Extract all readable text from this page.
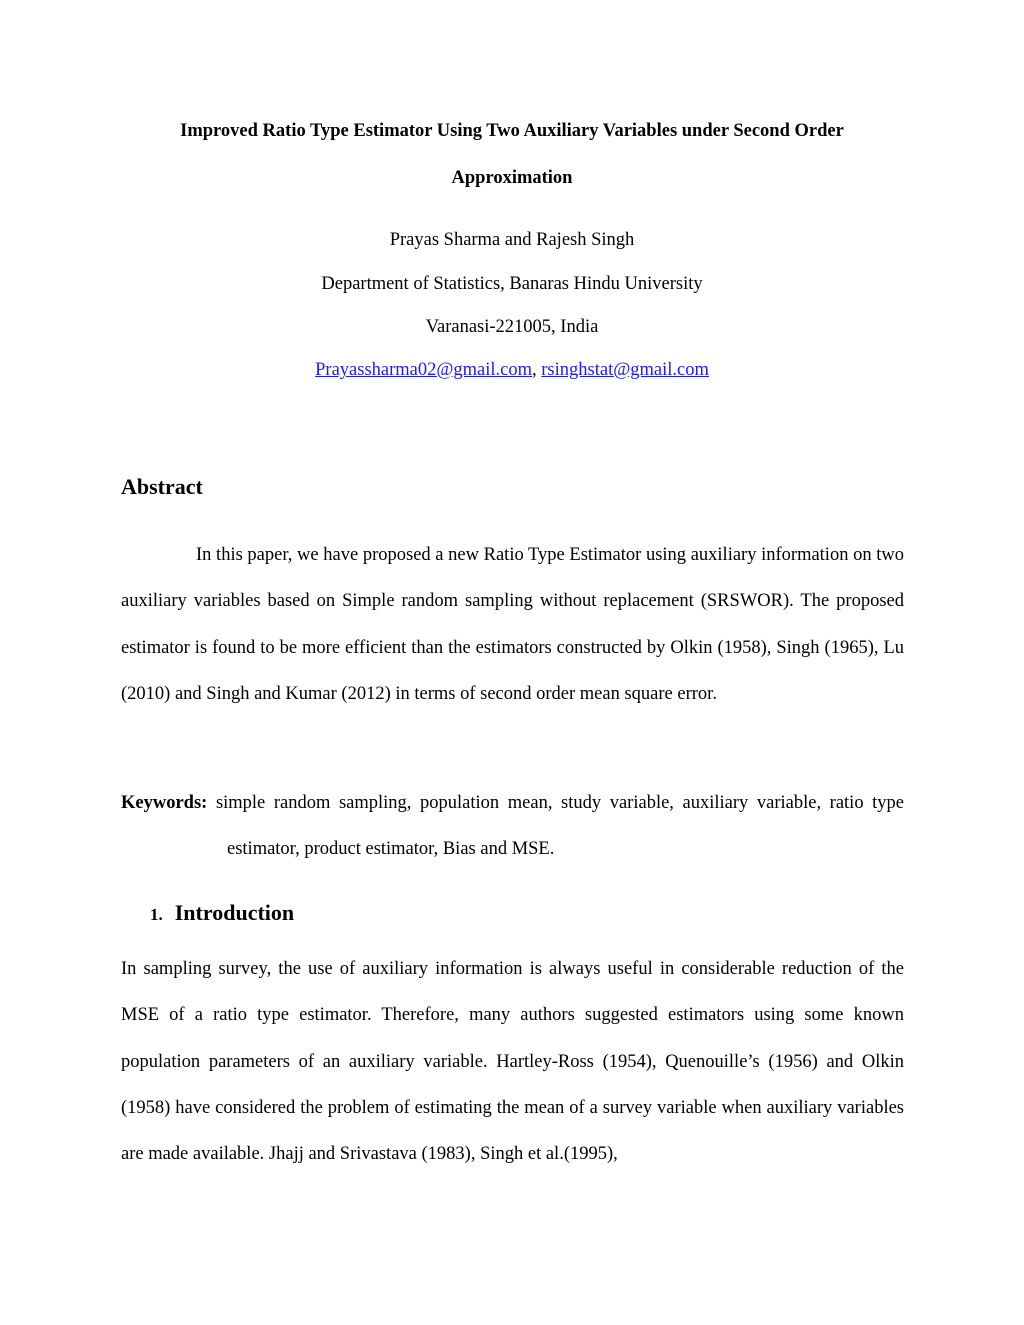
Improved Ratio Type Estimator Using Two Auxiliary Variables under Second Order

Approximation

Prayas Sharma and Rajesh Singh

Department of Statistics, Banaras Hindu University

Varanasi-221005, India

Prayassharma02@gmail.com, rsinghstat@gmail.com

Abstract

In this paper, we have proposed a new Ratio Type Estimator using auxiliary information on two auxiliary variables based on Simple random sampling without replacement (SRSWOR). The proposed estimator is found to be more efficient than the estimators constructed by Olkin (1958), Singh (1965), Lu (2010) and Singh and Kumar (2012) in terms of second order mean square error.

Keywords: simple random sampling, population mean, study variable, auxiliary variable, ratio type estimator, product estimator, Bias and MSE.

1. Introduction

In sampling survey, the use of auxiliary information is always useful in considerable reduction of the MSE of a ratio type estimator. Therefore, many authors suggested estimators using some known population parameters of an auxiliary variable. Hartley-Ross (1954), Quenouille’s (1956) and Olkin (1958) have considered the problem of estimating the mean of a survey variable when auxiliary variables are made available. Jhajj and Srivastava (1983), Singh et al.(1995),
